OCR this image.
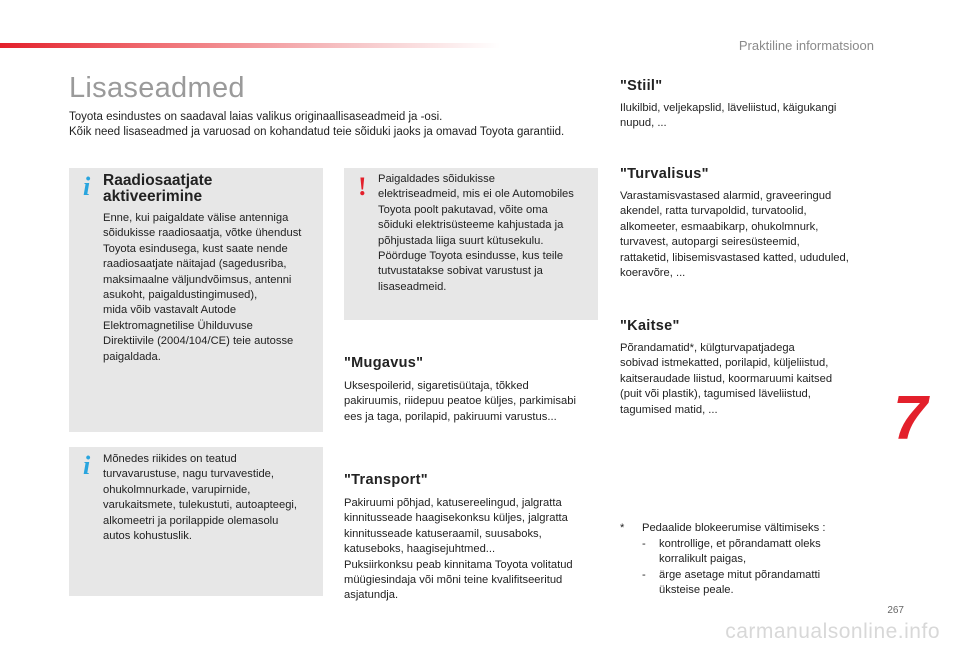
Praktiline informatsioon
Lisaseadmed

Toyota esindustes on saadaval laias valikus originaallisaseadmeid ja -osi.

Kõik need lisaseadmed ja varuosad on kohandatud teie sõiduki jaoks ja omavad Toyota garantiid.

i Raadiosaatjate aktiveerimine

Enne, kui paigaldate välise antenniga
sõidukisse raadiosaatja, võtke ühendust
Toyota esindusega, kust saate nende
raadiosaatjate näitajad (sagedusriba,
maksimaalne väljundvõimsus, antenni
asukoht, paigaldustingimused),
mida võib vastavalt Autode
Elektromagnetilise Ühilduvuse
Direktiivile (2004/104/CE) teie autosse
paigaldada.

! Paigaldades sõidukisse
elektriseadmeid, mis ei ole Automobiles
Toyota poolt pakutavad, võite oma
sõiduki elektrisüsteeme kahjustada ja
põhjustada liiga suurt kütusekulu.
Pöörduge Toyota esindusse, kus teile
tutvustatakse sobivat varustust ja
lisaseadmeid.

i Mõnedes riikides on teatud
turvavarustuse, nagu turvavestide,
ohukolmnurkade, varupirnide,
varukaitsmete, tulekustuti, autoapteegi,
alkomeetri ja porilappide olemasolu
autos kohustuslik.

"Mugavus"

Uksespoilerid, sigaretisüütaja, tõkked
pakiruumis, riidepuu peatoe küljes, parkimisabi
ees ja taga, porilapid, pakiruumi varustus...

"Transport"

Pakiruumi põhjad, katusereelingud, jalgratta
kinnitusseade haagisekonksu küljes, jalgratta
kinnitusseade katuseraamil, suusaboks,
katuseboks, haagisejuhtmed...
Puksiirkonksu peab kinnitama Toyota volitatud
müügiesindaja või mõni teine kvalifitseeritud
asjatundja.

"Stiil"

Ilukilbid, veljekapslid, läveliistud, käigukangi
nupud, ...

"Turvalisus"

Varastamisvastased alarmid, graveeringud
akendel, ratta turvapoldid, turvatoolid,
alkomeeter, esmaabikarp, ohukolmnurk,
turvavest, autopargi seiresüsteemid,
rattaketid, libisemisvastased katted, ududuled,
koeravõre, ...

"Kaitse"

Põrandamatid*, külgturvapatjadega
sobivad istmekatted, porilapid, küljeliistud,
kaitseraudade liistud, koormaruumi kaitsed
(puit või plastik), tagumised läveliistud,
tagumised matid, ...

* Pedaalide blokeerumise vältimiseks :
- kontrollige, et põrandamatt oleks korralikult paigas,
- ärge asetage mitut põrandamatti üksteise peale.
7
267
carmanualsonline.info
